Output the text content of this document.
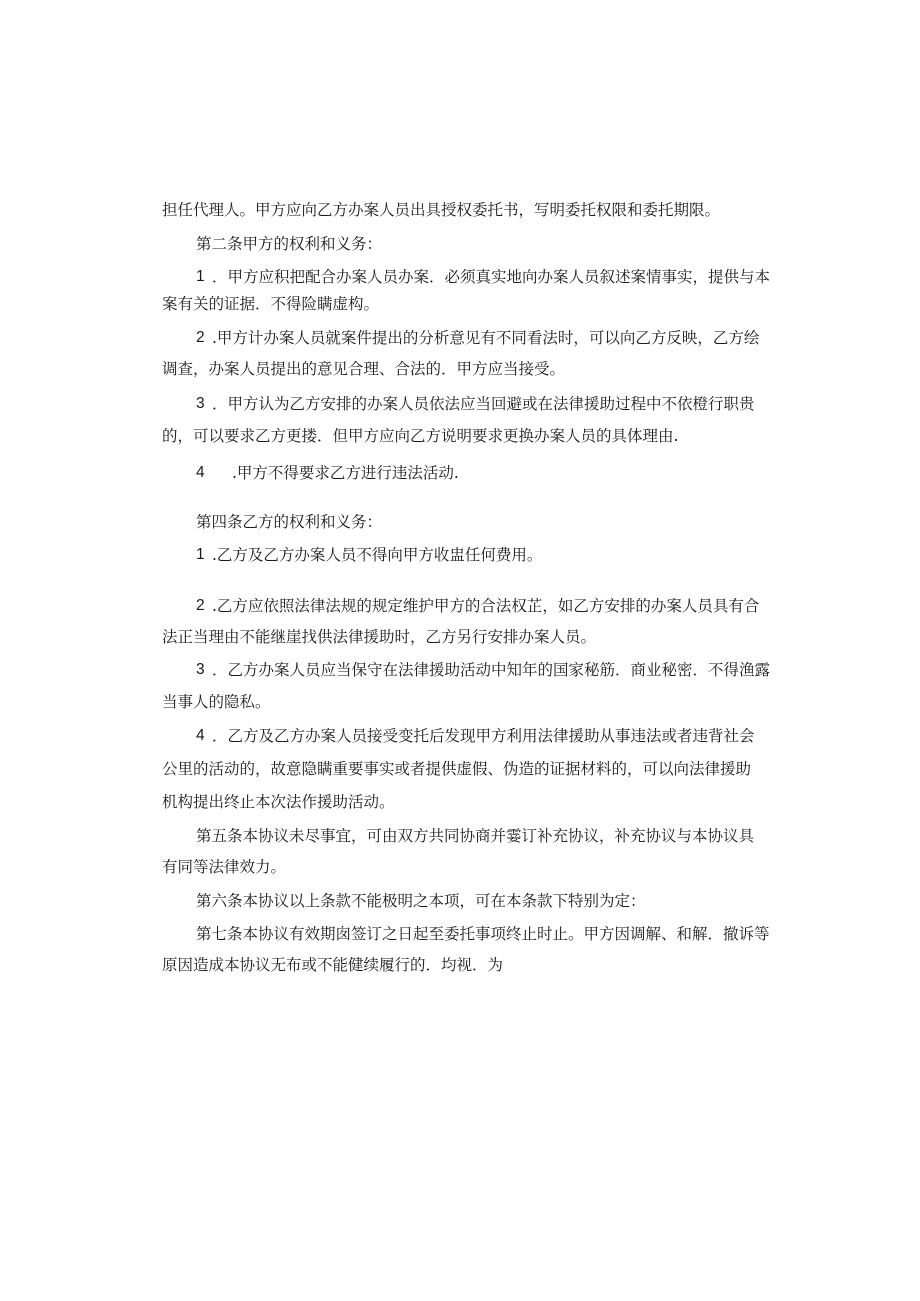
担任代理人。甲方应向乙方办案人员出具授权委托书，写明委托权限和委托期限。
第二条甲方的权利和义务：
1 ．甲方应积把配合办案人员办案．必须真实地向办案人员叙述案情事实，提供与本
案有关的证据．不得险瞒虚构。
2 .甲方计办案人员就案件提出的分析意见有不同看法时，可以向乙方反映，乙方绘
调查，办案人员提出的意见合理、合法的．甲方应当接受。
3 ．甲方认为乙方安排的办案人员依法应当回避或在法律援助过程中不依橙行职贵
的，可以要求乙方更搂．但甲方应向乙方说明要求更换办案人员的具体理由.
4 .甲方不得要求乙方进行违法活动.
第四条乙方的权利和义务：
1 .乙方及乙方办案人员不得向甲方收盅任何费用。
2 .乙方应依照法律法规的规定维护甲方的合法权芷，如乙方安排的办案人员具有合
法正当理由不能继崖找供法律援助时，乙方另行安排办案人员。
3 ．乙方办案人员应当保守在法律援助活动中知年的国家秘筋．商业秘密．不得渔露
当事人的隐私。
4 ．乙方及乙方办案人员接受变托后发现甲方利用法律援助从事违法或者违背社会
公里的活动的，故意隐瞒重要事实或者提供虚假、伪造的证据材料的，可以向法律援助
机构提出终止本次法作援助活动。
第五条本协议未尽事宜，可由双方共同协商并霎订补充协议，补充协议与本协议具
有同等法律效力。
第六条本协议以上条款不能极明之本项，可在本条款下特别为定：
第七条本协议有效期囱签订之日起至委托事项终止时止。甲方因调解、和解．撤诉等
原因造成本协议无布或不能健续履行的．均视．为
